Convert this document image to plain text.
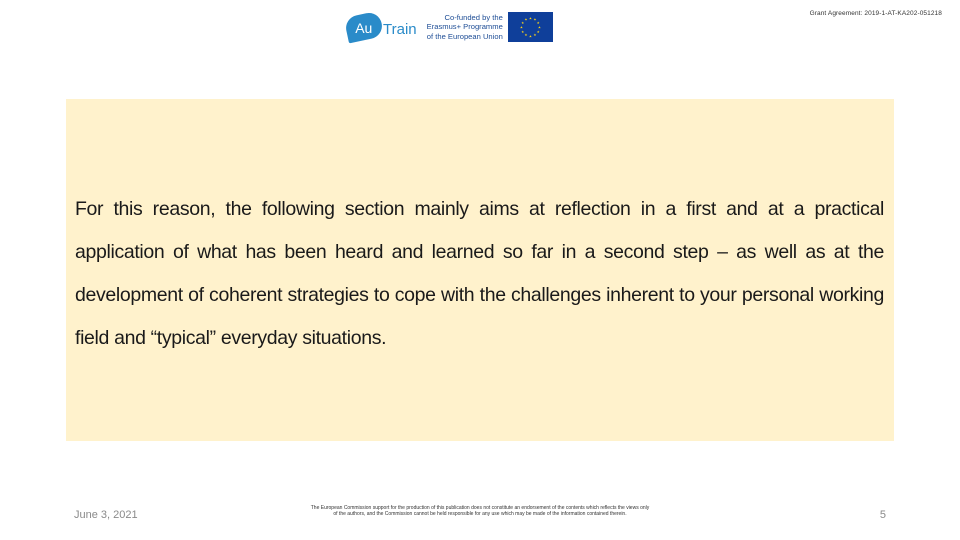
Grant Agreement: 2019-1-AT-KA202-051218
Au Train
Co-funded by the
Erasmus+ Programme
of the European Union
★ ★
★
★
★
★
★
★
★
★
★
★

For this reason, the following section mainly aims at reflection in a first and at a practical application of what has been heard and learned so far in a second step – as well as at the development of coherent strategies to cope with the challenges inherent to your personal working field and “typical” everyday situations.

June 3, 2021
The European Commission support for the production of this publication does not constitute an endorsement of the contents which reflects the views only of the authors, and the Commission cannot be held responsible for any use which may be made of the information contained therein.	5
